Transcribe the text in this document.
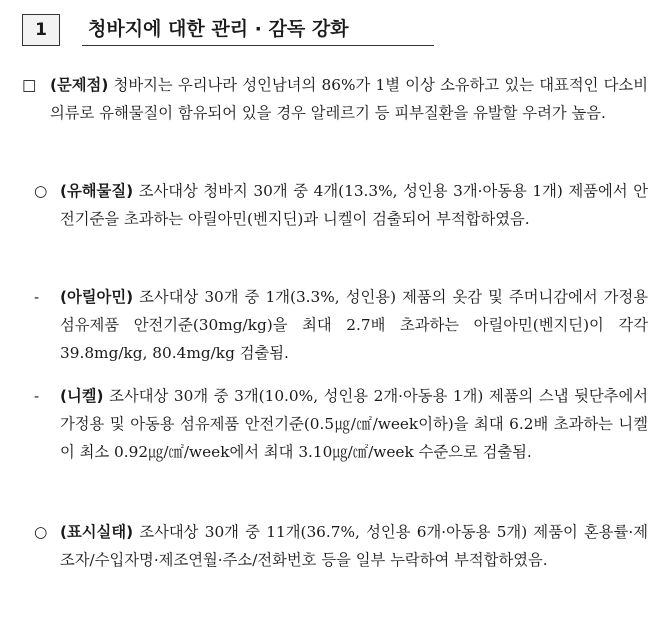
1	청바지에 대한 관리 · 감독 강화
□ (문제점) 청바지는 우리나라 성인남녀의 86%가 1별 이상 소유하고 있는 대표적인 다소비 의류로 유해물질이 함유되어 있을 경우 알레르기 등 피부질환을 유발할 우려가 높음.

○ (유해물질) 조사대상 청바지 30개 중 4개(13.3%, 성인용 3개·아동용 1개) 제품에서 안전기준을 초과하는 아릴아민(벤지딘)과 니켈이 검출되어 부적합하였음.

- (아릴아민) 조사대상 30개 중 1개(3.3%, 성인용) 제품의 옷감 및 주머니감에서 가정용 섬유제품 안전기준(30mg/kg)을 최대 2.7배 초과하는 아릴아민(벤지딘)이 각각 39.8mg/kg, 80.4mg/kg 검출됨.

- (니켈) 조사대상 30개 중 3개(10.0%, 성인용 2개·아동용 1개) 제품의 스냅 뒷단추에서 가정용 및 아동용 섬유제품 안전기준(0.5㎍/㎠/week이하)을 최대 6.2배 초과하는 니켈이 최소 0.92㎍/㎠/week에서 최대 3.10㎍/㎠/week 수준으로 검출됨.

○ (표시실태) 조사대상 30개 중 11개(36.7%, 성인용 6개·아동용 5개) 제품이 혼용률·제조자/수입자명·제조연월·주소/전화번호 등을 일부 누락하여 부적합하였음.
